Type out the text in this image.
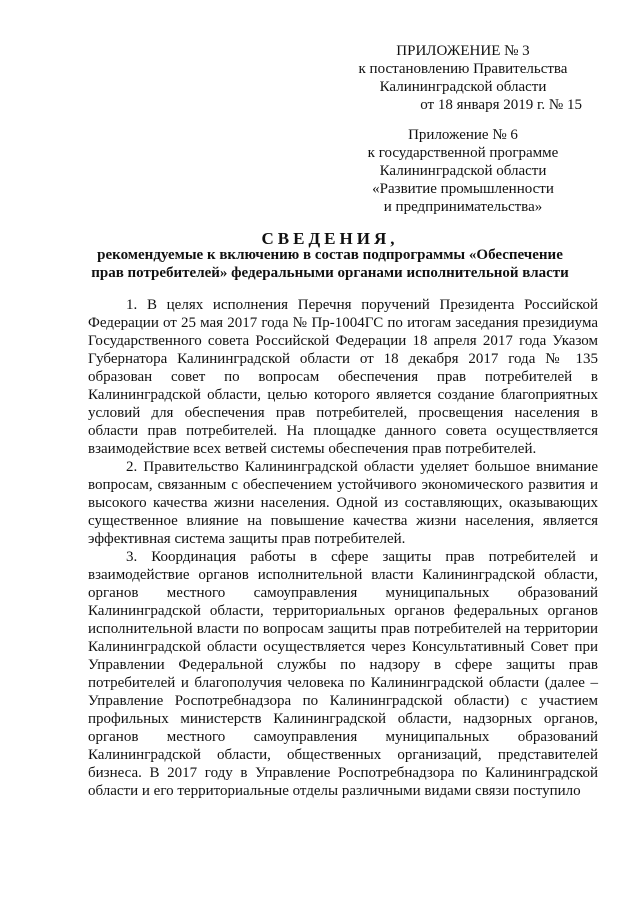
ПРИЛОЖЕНИЕ № 3
к постановлению Правительства
Калининградской области
от 18 января 2019 г. № 15
Приложение № 6
к государственной программе
Калининградской области
«Развитие промышленности
и предпринимательства»
СВЕДЕНИЯ,
рекомендуемые к включению в состав подпрограммы «Обеспечение
прав потребителей» федеральными органами исполнительной власти

1. В целях исполнения Перечня поручений Президента Российской Федерации от 25 мая 2017 года № Пр-1004ГС по итогам заседания президиума Государственного совета Российской Федерации 18 апреля 2017 года Указом Губернатора Калининградской области от 18 декабря 2017 года № 135 образован совет по вопросам обеспечения прав потребителей в Калининградской области, целью которого является создание благоприятных условий для обеспечения прав потребителей, просвещения населения в области прав потребителей. На площадке данного совета осуществляется взаимодействие всех ветвей системы обеспечения прав потребителей.

2. Правительство Калининградской области уделяет большое внимание вопросам, связанным с обеспечением устойчивого экономического развития и высокого качества жизни населения. Одной из составляющих, оказывающих существенное влияние на повышение качества жизни населения, является эффективная система защиты прав потребителей.

3. Координация работы в сфере защиты прав потребителей и взаимодействие органов исполнительной власти Калининградской области, органов местного самоуправления муниципальных образований Калининградской области, территориальных органов федеральных органов исполнительной власти по вопросам защиты прав потребителей на территории Калининградской области осуществляется через Консультативный Совет при Управлении Федеральной службы по надзору в сфере защиты прав потребителей и благополучия человека по Калининградской области (далее – Управление Роспотребнадзора по Калининградской области) с участием профильных министерств Калининградской области, надзорных органов, органов местного самоуправления муниципальных образований Калининградской области, общественных организаций, представителей бизнеса. В 2017 году в Управление Роспотребнадзора по Калининградской области и его территориальные отделы различными видами связи поступило
